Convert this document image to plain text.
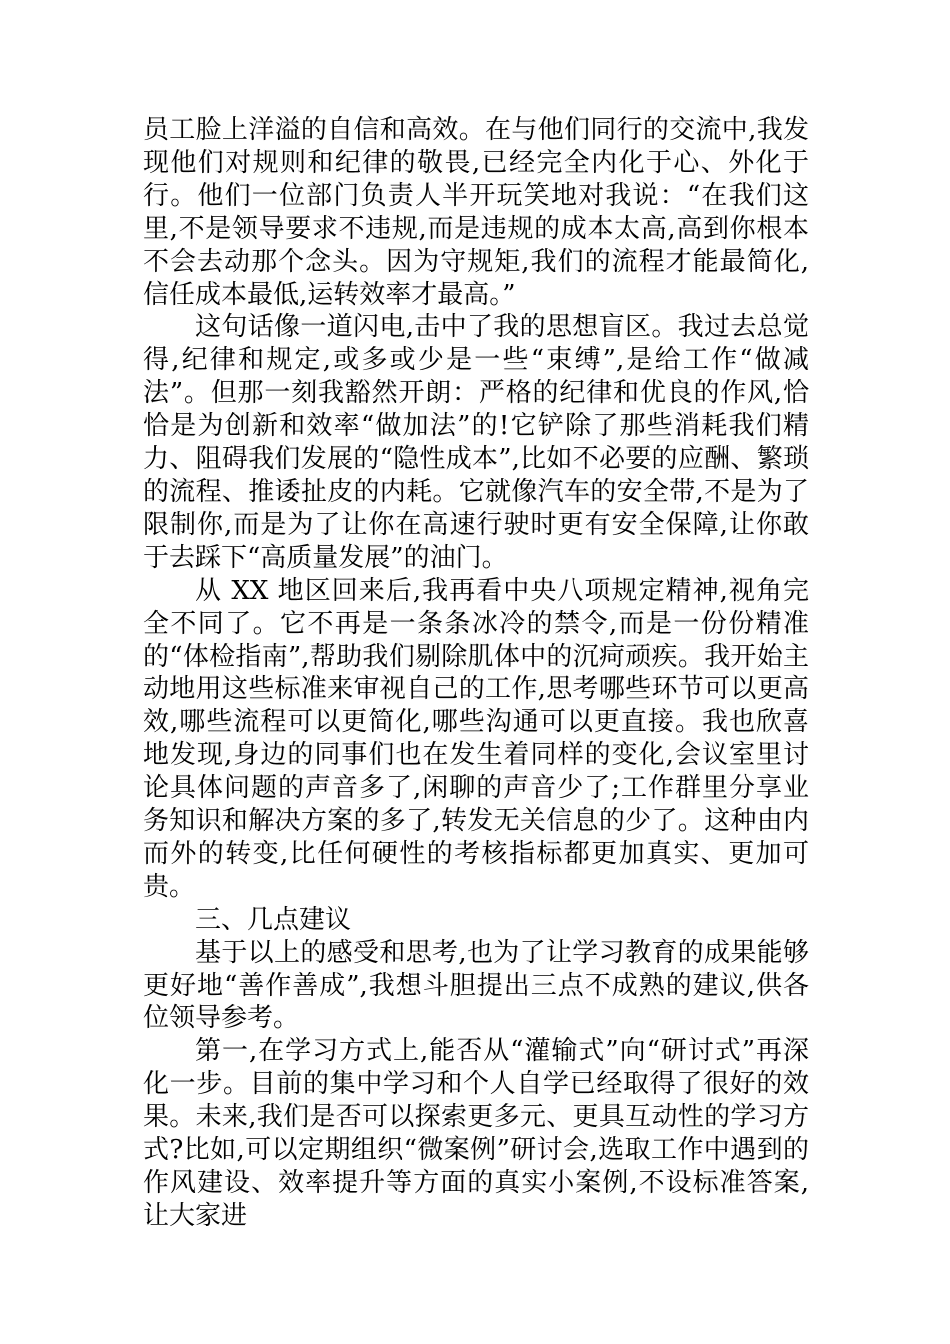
员工脸上洋溢的自信和高效。在与他们同行的交流中,我发现他们对规则和纪律的敬畏,已经完全内化于心、外化于行。他们一位部门负责人半开玩笑地对我说：“在我们这里,不是领导要求不违规,而是违规的成本太高,高到你根本不会去动那个念头。因为守规矩,我们的流程才能最简化,信任成本最低,运转效率才最高。”

这句话像一道闪电,击中了我的思想盲区。我过去总觉得,纪律和规定,或多或少是一些“束缚”,是给工作“做减法”。但那一刻我豁然开朗：严格的纪律和优良的作风,恰恰是为创新和效率“做加法”的!它铲除了那些消耗我们精力、阻碍我们发展的“隐性成本”,比如不必要的应酬、繁琐的流程、推诿扯皮的内耗。它就像汽车的安全带,不是为了限制你,而是为了让你在高速行驶时更有安全保障,让你敢于去踩下“高质量发展”的油门。

从 XX 地区回来后,我再看中央八项规定精神,视角完全不同了。它不再是一条条冰冷的禁令,而是一份份精准的“体检指南”,帮助我们剔除肌体中的沉疴顽疾。我开始主动地用这些标准来审视自己的工作,思考哪些环节可以更高效,哪些流程可以更简化,哪些沟通可以更直接。我也欣喜地发现,身边的同事们也在发生着同样的变化,会议室里讨论具体问题的声音多了,闲聊的声音少了;工作群里分享业务知识和解决方案的多了,转发无关信息的少了。这种由内而外的转变,比任何硬性的考核指标都更加真实、更加可贵。

三、几点建议

基于以上的感受和思考,也为了让学习教育的成果能够更好地“善作善成”,我想斗胆提出三点不成熟的建议,供各位领导参考。

第一,在学习方式上,能否从“灌输式”向“研讨式”再深化一步。目前的集中学习和个人自学已经取得了很好的效果。未来,我们是否可以探索更多元、更具互动性的学习方式?比如,可以定期组织“微案例”研讨会,选取工作中遇到的作风建设、效率提升等方面的真实小案例,不设标准答案,让大家进
